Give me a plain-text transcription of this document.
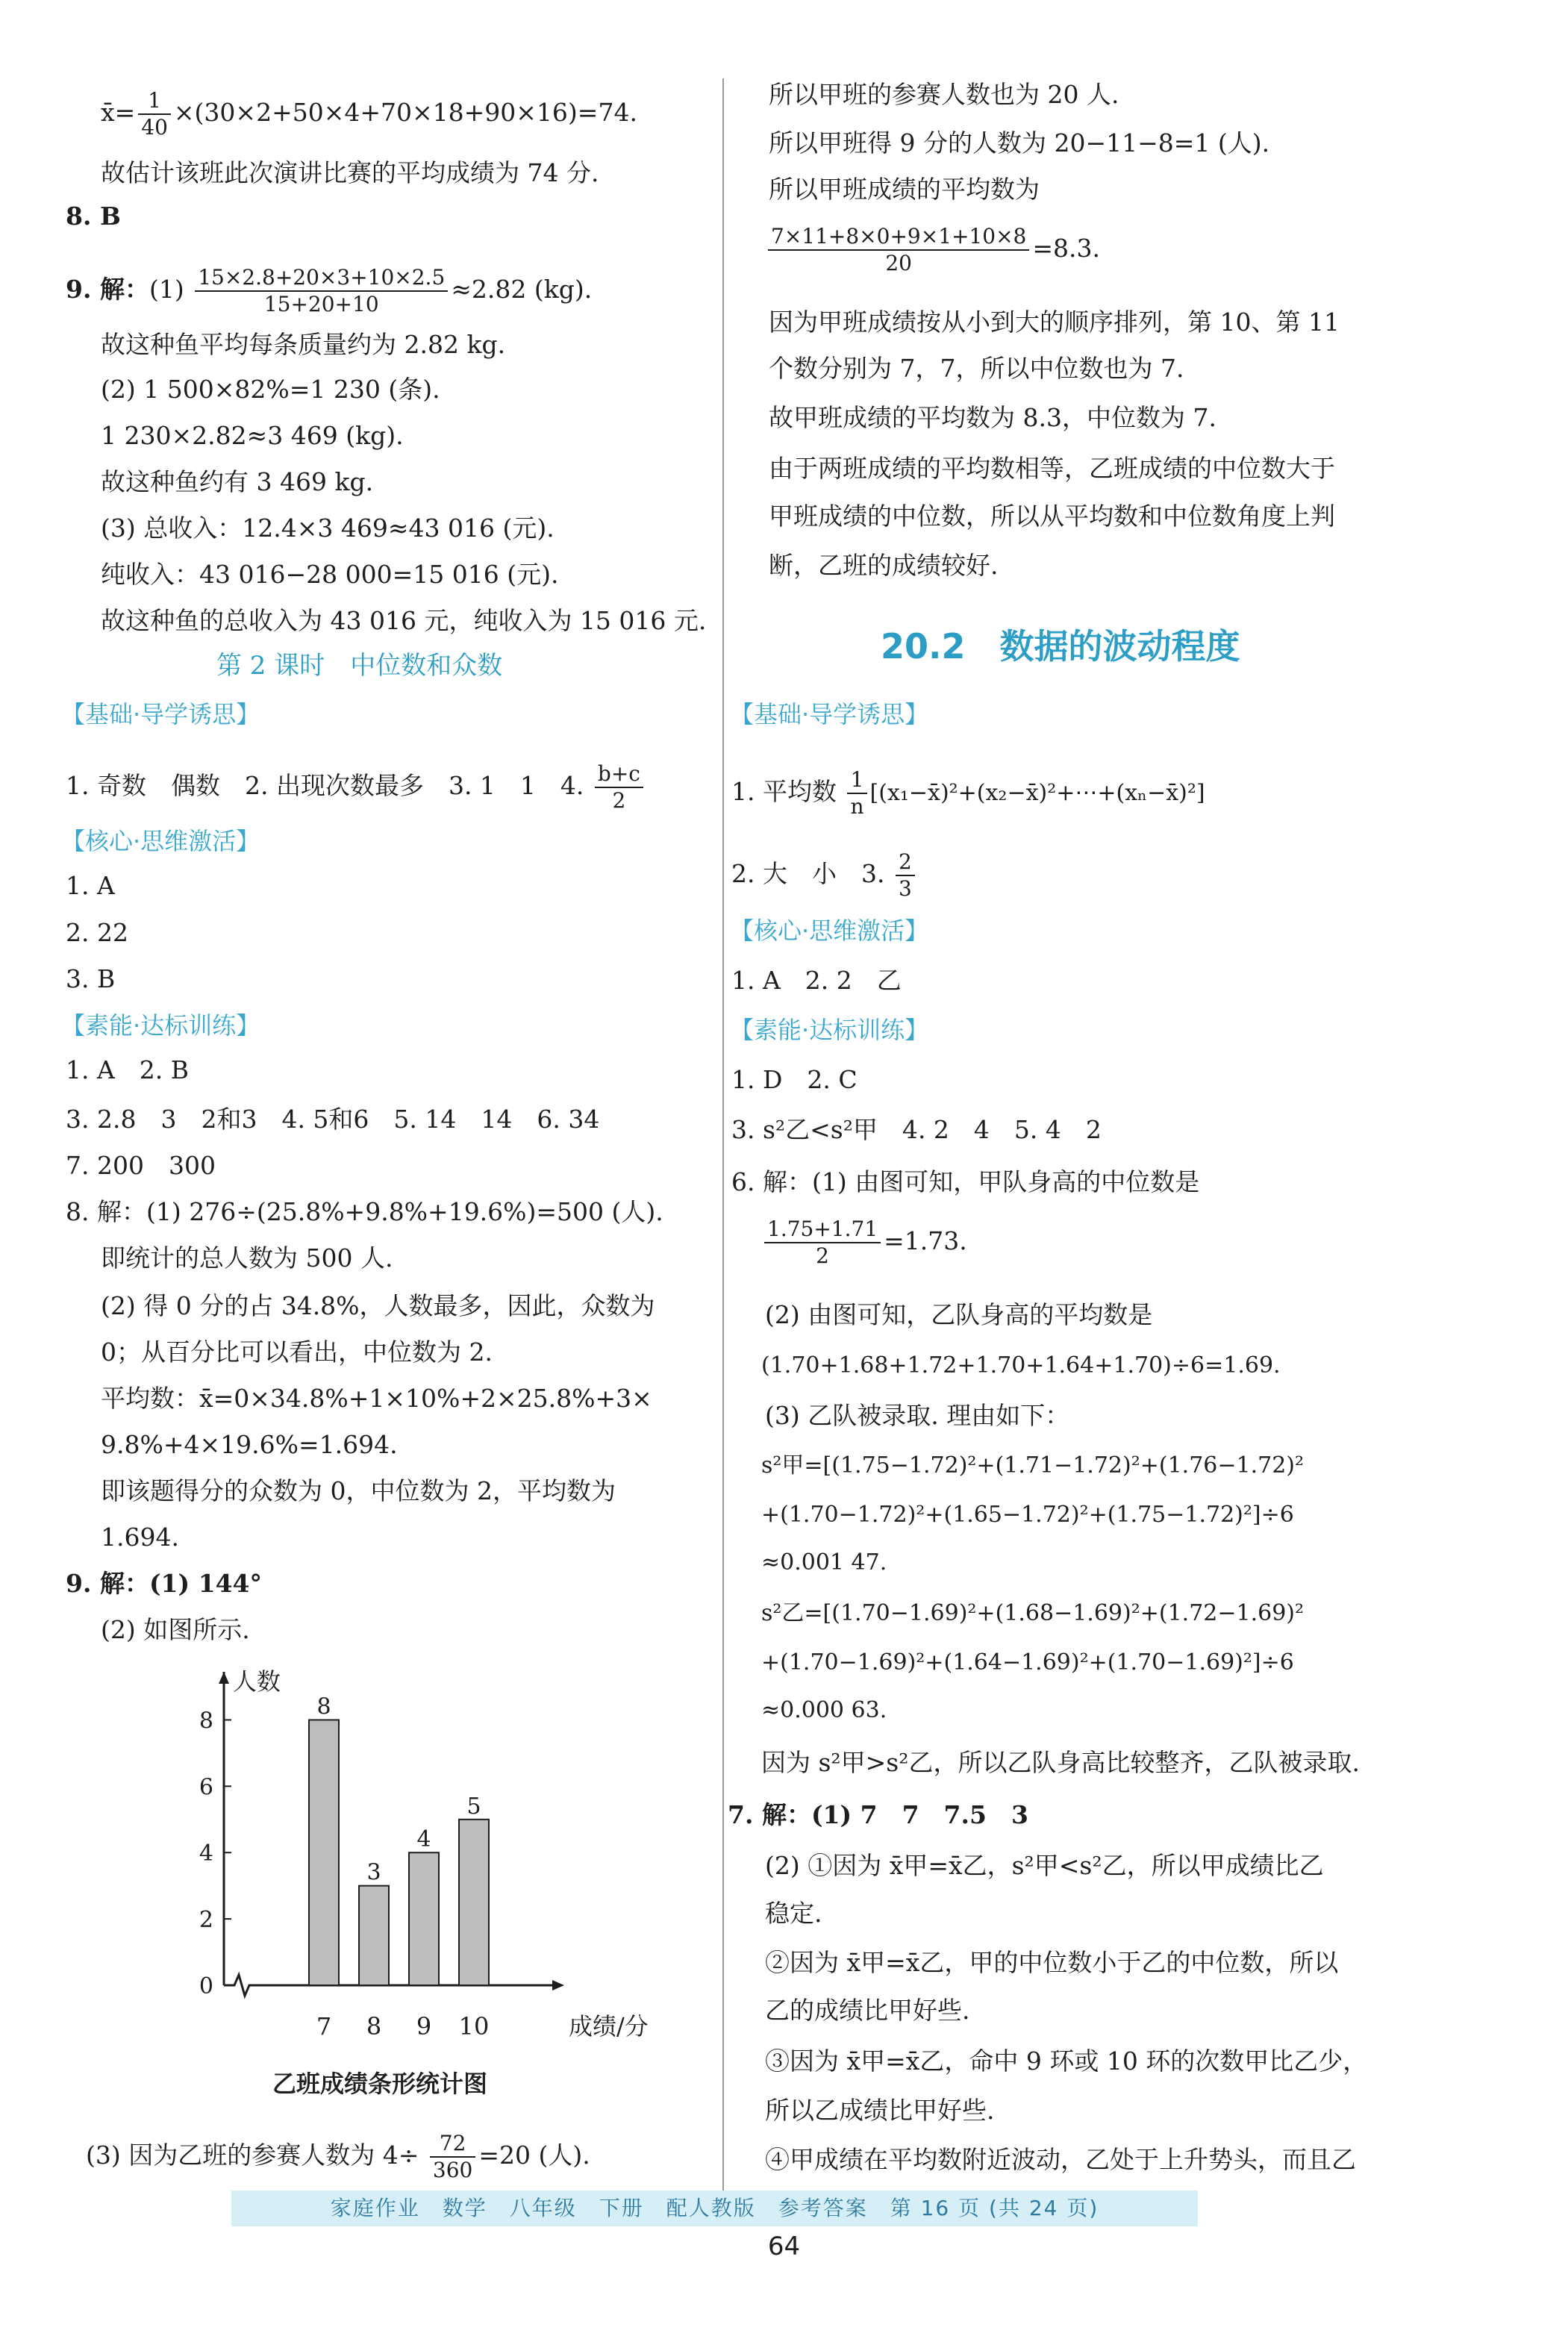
x̄= $\frac{1}{40} \times(30\times 2+50\times 4+70\times 18+90\times 16)=74$.
故估计该班此次演讲比赛的平均成绩为 74 分.
8. B
9. 解：$(1) \frac{15\times 2.8+20\times 3+10\times 2.5}{15+20+10} \approx 2.82$ (kg).
故这种鱼平均每条质量约为 2.82 kg.
(2) 1 500×82%=1 230 (条).
1 230×2.82≈3 469 (kg).
故这种鱼约有 3 469 kg.
(3) 总收入：12.4×3 469≈43 016 (元).
纯收入：43 016−28 000=15 016 (元).
故这种鱼的总收入为 43 016 元，纯收入为 15 016 元.
第 2 课时　中位数和众数
【基础·导学诱思】
1. 奇数　偶数　2. 出现次数最多　3. 1　1　4. $\frac{b+c}{2}$
【核心·思维激活】
1. A
2. 22
3. B
【素能·达标训练】
1. A　2. B
3. 2.8　3　2和3　4. 5和6　5. 14　14　6. 34
7. 200　300
8. 解：(1) 276÷(25.8%+9.8%+19.6%)=500 (人).
即统计的总人数为 500 人.
(2) 得 0 分的占 34.8%，人数最多，因此，众数为
0；从百分比可以看出，中位数为 2.
平均数：x̄=0×34.8%+1×10%+2×25.8%+3×
9.8%+4×19.6%=1.694.
即该题得分的众数为 0，中位数为 2，平均数为
1.694.
9. 解：(1) 144°
(2) 如图所示.
人数
成绩/分
0
2
4
6
8
8
7
3
8
4
9
5
10
乙班成绩条形统计图
(3) 因为乙班的参赛人数为 $4\div \frac{72}{360} =20$ (人).
所以甲班的参赛人数也为 20 人.
所以甲班得 9 分的人数为 20−11−8=1 (人).
所以甲班成绩的平均数为
$\frac{7\times 11+8\times 0+9\times 1+10\times 8}{20} =8.3$.
因为甲班成绩按从小到大的顺序排列，第 10、第 11
个数分别为 7，7，所以中位数也为 7.
故甲班成绩的平均数为 8.3，中位数为 7.
由于两班成绩的平均数相等，乙班成绩的中位数大于
甲班成绩的中位数，所以从平均数和中位数角度上判
断，乙班的成绩较好.
20.2　数据的波动程度
【基础·导学诱思】
1. 平均数 $\frac{1}{n}$ [(x₁−x̄)²+(x₂−x̄)²+⋯+(xₙ−x̄)²]
2. 大　小　3. $\frac{2}{3}$
【核心·思维激活】
1. A　2. 2　乙
【素能·达标训练】
1. D　2. C
3. s²乙<s²甲　4. 2　4　5. 4　2
6. 解：(1) 由图可知，甲队身高的中位数是
$\frac{1.75+1.71}{2} =1.73$.
(2) 由图可知，乙队身高的平均数是
(1.70+1.68+1.72+1.70+1.64+1.70)÷6=1.69.
(3) 乙队被录取. 理由如下：
s²甲=[(1.75−1.72)²+(1.71−1.72)²+(1.76−1.72)²
+(1.70−1.72)²+(1.65−1.72)²+(1.75−1.72)²]÷6
≈0.001 47.
s²乙=[(1.70−1.69)²+(1.68−1.69)²+(1.72−1.69)²
+(1.70−1.69)²+(1.64−1.69)²+(1.70−1.69)²]÷6
≈0.000 63.
因为 s²甲>s²乙，所以乙队身高比较整齐，乙队被录取.
7. 解：(1) 7　7　7.5　3
(2) ①因为 x̄甲=x̄乙，s²甲<s²乙，所以甲成绩比乙
稳定.
②因为 x̄甲=x̄乙，甲的中位数小于乙的中位数，所以
乙的成绩比甲好些.
③因为 x̄甲=x̄乙，命中 9 环或 10 环的次数甲比乙少，
所以乙成绩比甲好些.
④甲成绩在平均数附近波动，乙处于上升势头，而且乙
家庭作业　数学　八年级　下册　配人教版　参考答案　第 16 页 (共 24 页)
64
